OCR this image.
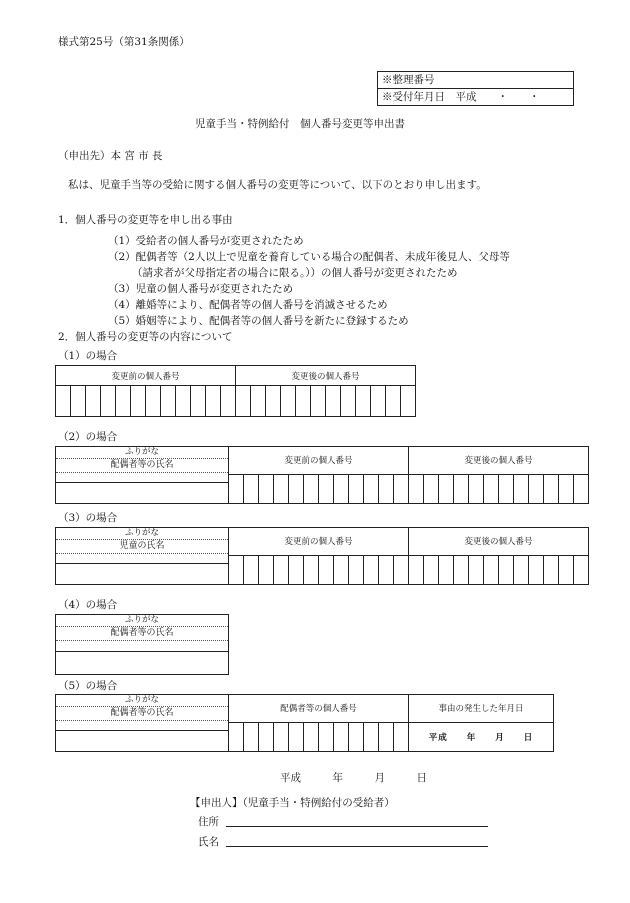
様式第25号（第31条関係）
※整理番号
※受付年月日　平成　　・　　・
児童手当・特例給付　個人番号変更等申出書
（申出先）本 宮 市 長
私は、児童手当等の受給に関する個人番号の変更等について、以下のとおり申し出ます。
1．個人番号の変更等を申し出る事由
（1）受給者の個人番号が変更されたため
（2）配偶者等（2人以上で児童を養育している場合の配偶者、未成年後見人、父母等
（請求者が父母指定者の場合に限る。））の個人番号が変更されたため
（3）児童の個人番号が変更されたため
（4）離婚等により、配偶者等の個人番号を消滅させるため
（5）婚姻等により、配偶者等の個人番号を新たに登録するため
2．個人番号の変更等の内容について
（1）の場合
変更前の個人番号												変更後の個人番号											

（2）の場合
ふりがな
配偶者等の氏名	変更前の個人番号												変更後の個人番号											

（3）の場合
ふりがな
児童の氏名	変更前の個人番号												変更後の個人番号											

（4）の場合
ふりがな
配偶者等の氏名
（5）の場合
ふりがな
配偶者等の氏名	配偶者等の個人番号												事由の発生した年月日
													平成　　年　　月　　日
平成　　　年　　　月　　　日
【申出人】（児童手当・特例給付の受給者）
住所
氏名
